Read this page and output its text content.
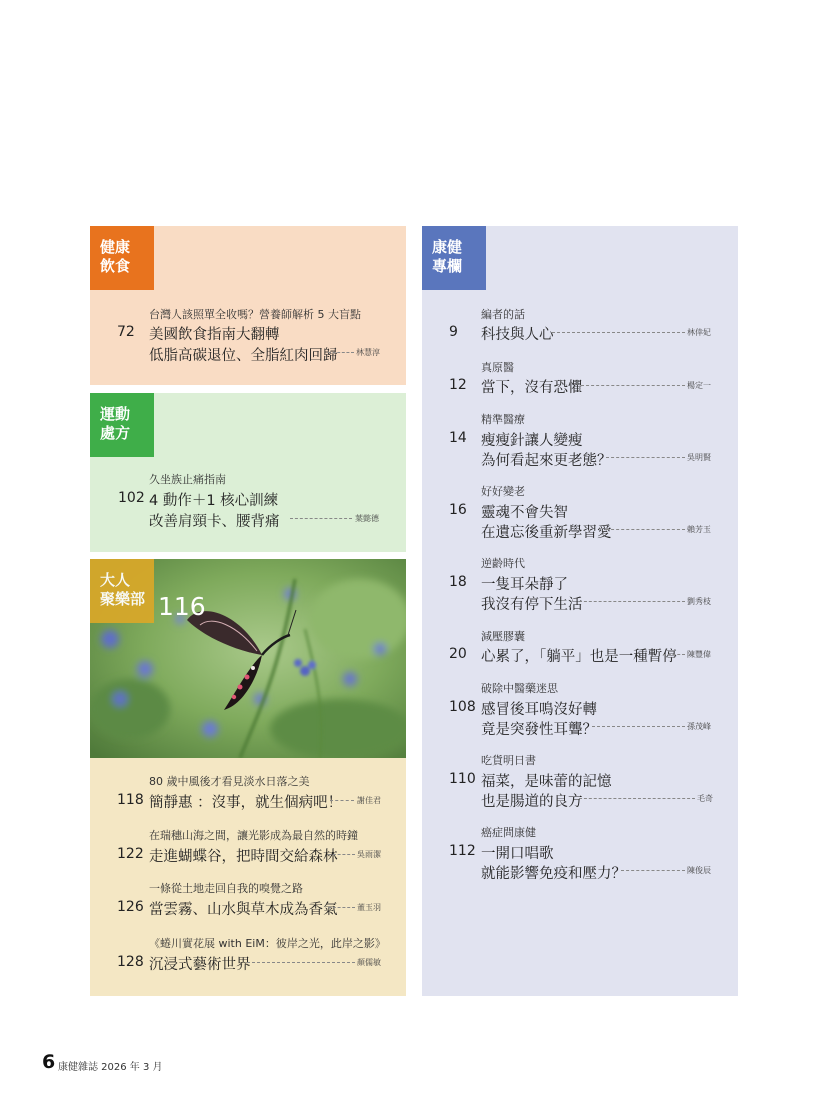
健康
飲食
台灣人該照單全收嗎？營養師解析 5 大盲點
72 美國飲食指南大翻轉
低脂高碳退位、全脂紅肉回歸 林慧淳
運動
處方
久坐族止痛指南
102 4 動作＋1 核心訓練
改善肩頸卡、腰背痛	葉懿德
大人
聚樂部 116
80 歲中風後才看見淡水日落之美
118 簡靜惠 ：沒事，就生個病吧！ 謝佳君
在瑞穗山海之間，讓光影成為最自然的時鐘
122 走進蝴蝶谷，把時間交給森林 吳雨潔
一條從土地走回自我的嗅覺之路
126 當雲霧、山水與草木成為香氣 董玉羽
《蜷川實花展 with EiM：彼岸之光，此岸之影》
128 沉浸式藝術世界	顏儒敏
康健
專欄
編者的話
9 科技與人心	林倖妃
真原醫
12 當下，沒有恐懼	楊定一
精準醫療
14 瘦瘦針讓人變瘦
為何看起來更老態？	吳明賢
好好變老
16 靈魂不會失智
在遺忘後重新學習愛	賴芳玉
逆齡時代
18 一隻耳朵靜了
我沒有停下生活	劉秀枝
減壓膠囊
20 心累了，「躺平」也是一種暫停 陳豐偉
破除中醫藥迷思
108 感冒後耳鳴沒好轉
竟是突發性耳聾？	孫茂峰
吃貨明日書
110 福菜，是味蕾的記憶
也是腸道的良方	毛奇
癌症問康健
112 一開口唱歌
就能影響免疫和壓力？	陳俊辰
6 康健雜誌 2026 年 3 月
